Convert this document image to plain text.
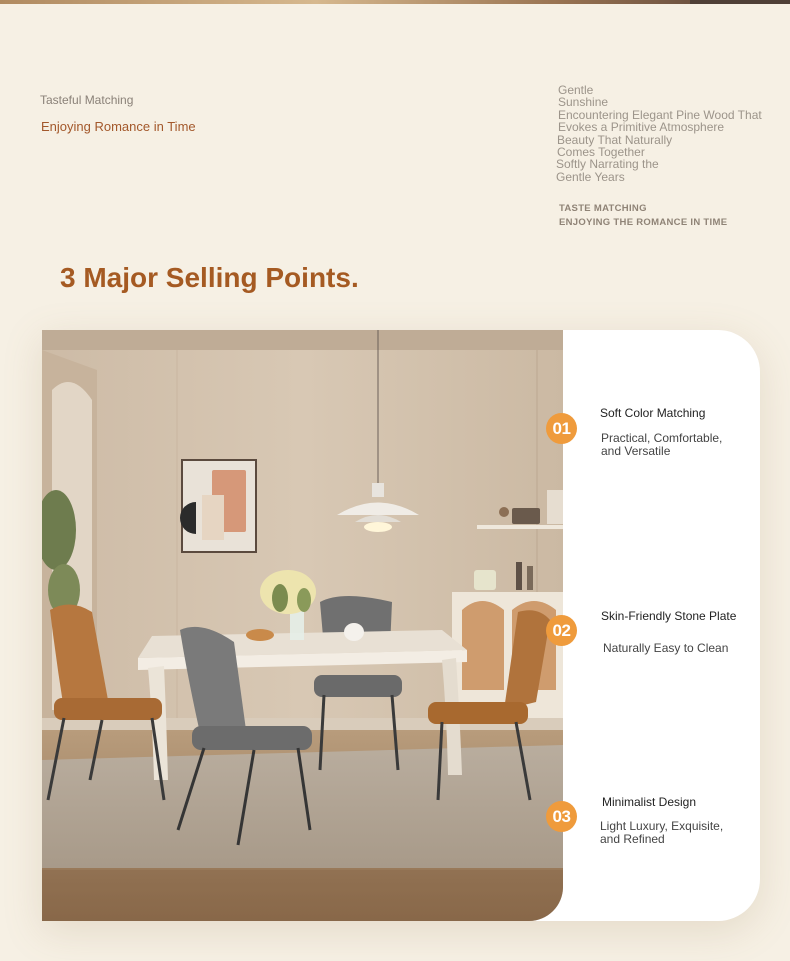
Tasteful Matching

Enjoying Romance in Time

Gentle
Sunshine
Encountering Elegant Pine Wood That
Evokes a Primitive Atmosphere
Beauty That Naturally
Comes Together
Softly Narrating the
Gentle Years
TASTE MATCHING
ENJOYING THE ROMANCE IN TIME
3 Major Selling Points.
01
Soft Color Matching
Practical, Comfortable,
and Versatile
02
Skin-Friendly Stone Plate
Naturally Easy to Clean
03
Minimalist Design
Light Luxury, Exquisite,
and Refined
